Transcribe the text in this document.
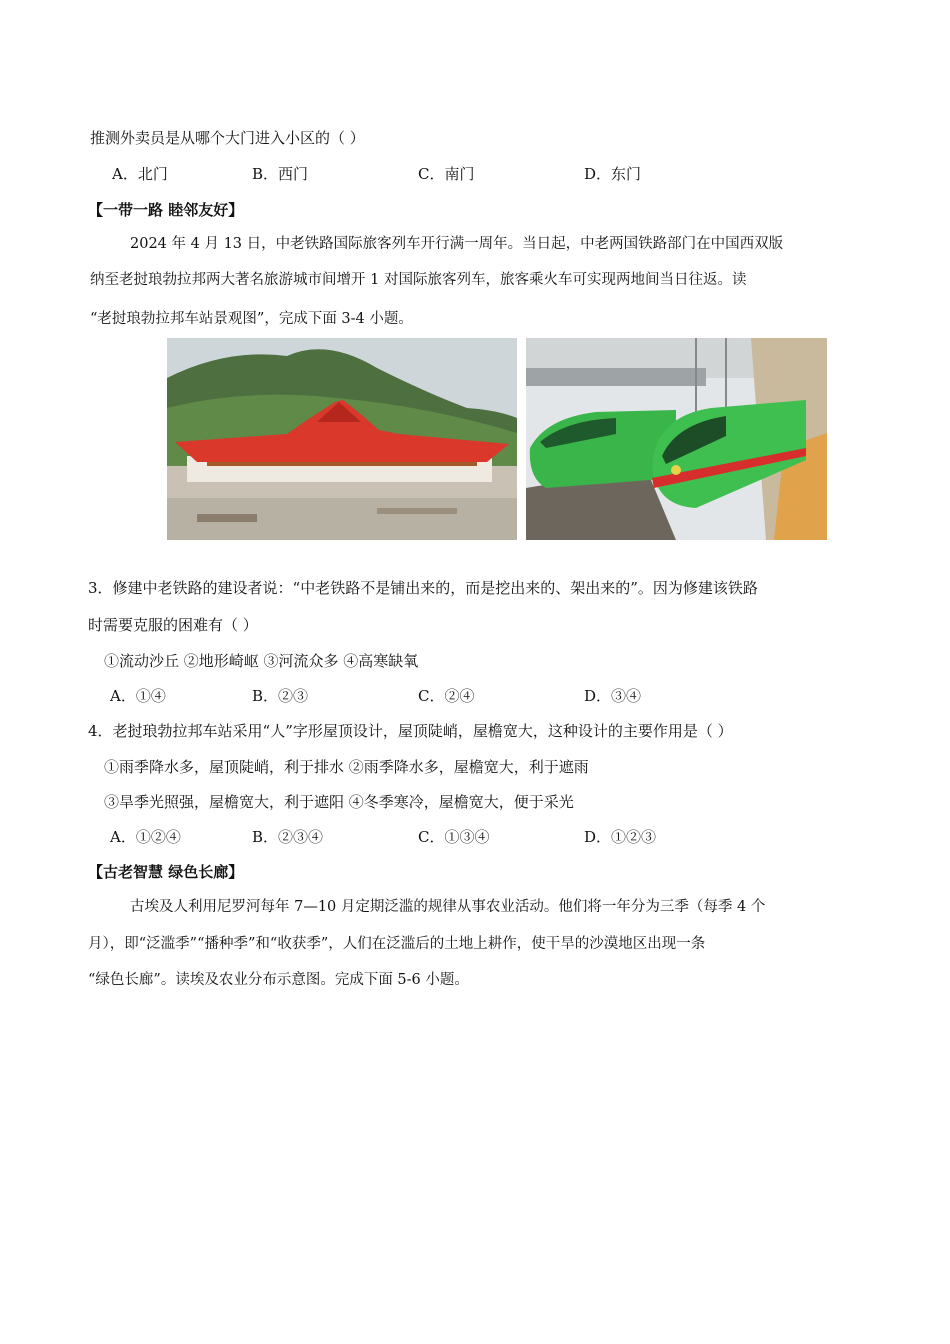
推测外卖员是从哪个大门进入小区的（ ）
A．北门	B．西门	C．南门	D．东门
【一带一路 睦邻友好】
2024 年 4 月 13 日，中老铁路国际旅客列车开行满一周年。当日起，中老两国铁路部门在中国西双版
纳至老挝琅勃拉邦两大著名旅游城市间增开 1 对国际旅客列车，旅客乘火车可实现两地间当日往返。读
“老挝琅勃拉邦车站景观图”，完成下面 3-4 小题。
3．修建中老铁路的建设者说：“中老铁路不是铺出来的，而是挖出来的、架出来的”。因为修建该铁路
时需要克服的困难有（ ）
①流动沙丘 ②地形崎岖 ③河流众多 ④高寒缺氧
A．①④	B．②③	C．②④	D．③④
4．老挝琅勃拉邦车站采用“人”字形屋顶设计，屋顶陡峭，屋檐宽大，这种设计的主要作用是（ ）
①雨季降水多，屋顶陡峭，利于排水 ②雨季降水多，屋檐宽大，利于遮雨
③旱季光照强，屋檐宽大，利于遮阳 ④冬季寒冷，屋檐宽大，便于采光
A．①②④	B．②③④	C．①③④	D．①②③
【古老智慧 绿色长廊】
古埃及人利用尼罗河每年 7—10 月定期泛滥的规律从事农业活动。他们将一年分为三季（每季 4 个
月），即“泛滥季”“播种季”和“收获季”，人们在泛滥后的土地上耕作，使干旱的沙漠地区出现一条
“绿色长廊”。读埃及农业分布示意图。完成下面 5-6 小题。
